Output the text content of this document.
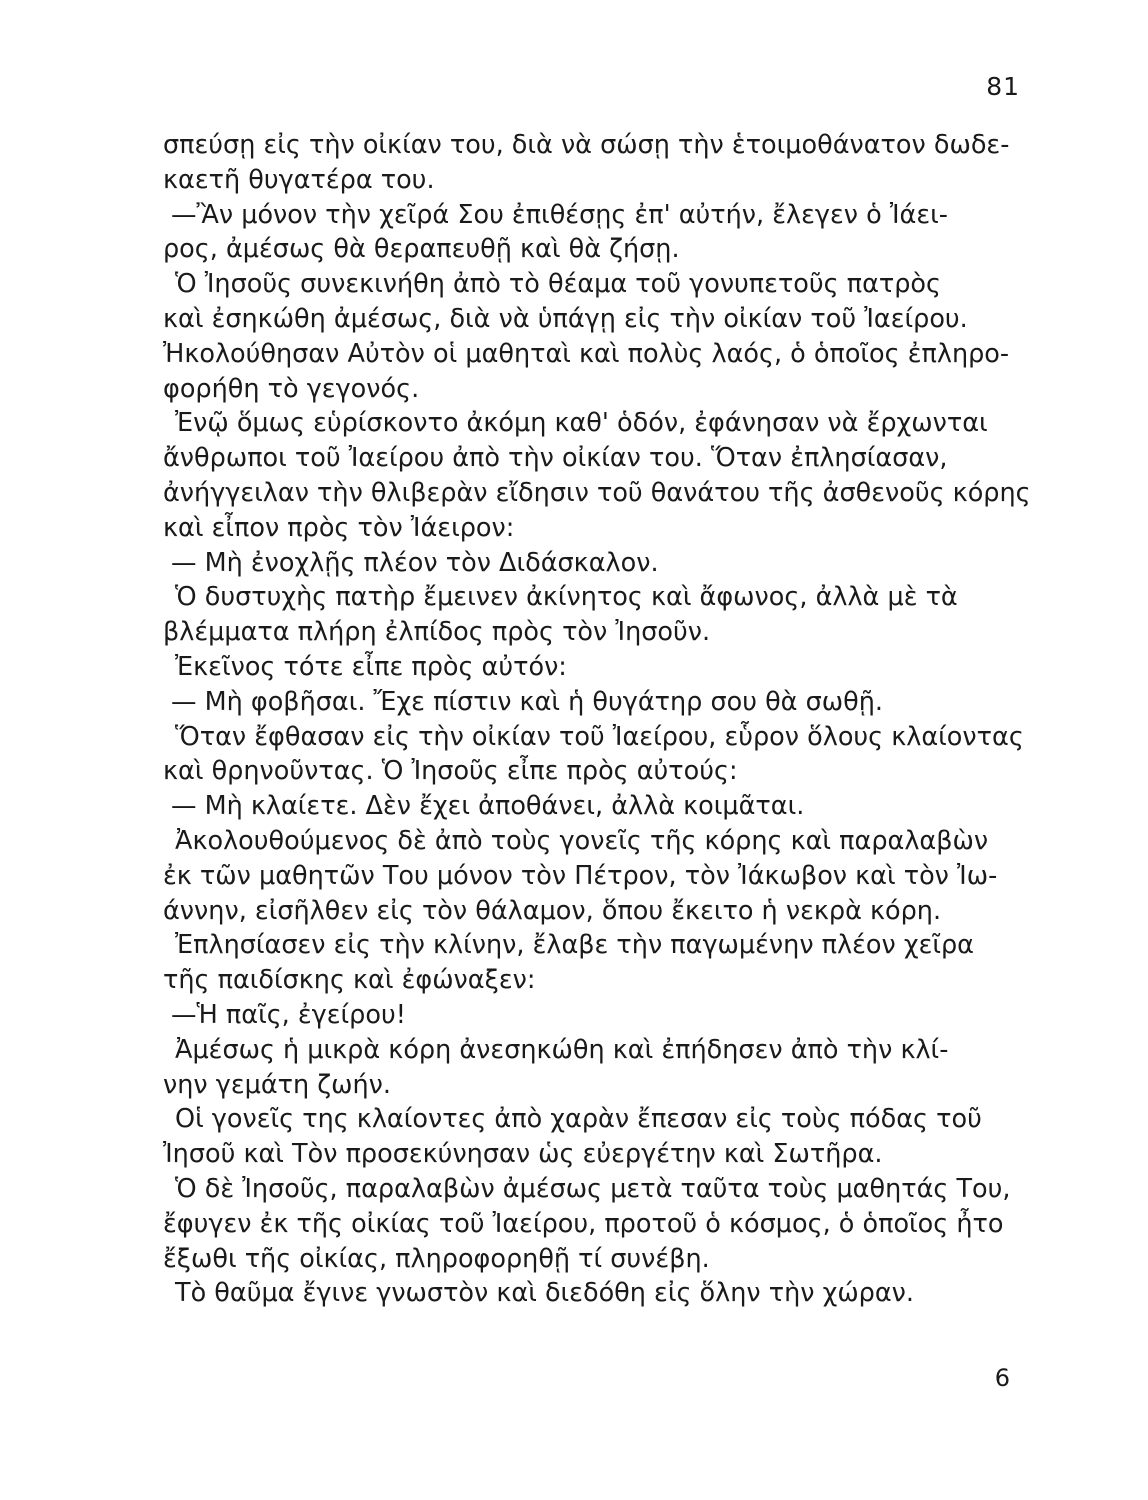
81
σπεύσῃ εἰς τὴν οἰκίαν του, διὰ νὰ σώσῃ τὴν ἑτοιμοθάνατον δωδε-
καετῆ θυγατέρα του.
—Ἂν μόνον τὴν χεῖρά Σου ἐπιθέσῃς ἐπ' αὐτήν, ἔλεγεν ὁ Ἰάει-
ρος, ἀμέσως θὰ θεραπευθῇ καὶ θὰ ζήσῃ.
Ὁ Ἰησοῦς συνεκινήθη ἀπὸ τὸ θέαμα τοῦ γονυπετοῦς πατρὸς
καὶ ἐσηκώθη ἀμέσως, διὰ νὰ ὑπάγῃ εἰς τὴν οἰκίαν τοῦ Ἰαείρου.
Ἠκολούθησαν Αὐτὸν οἱ μαθηταὶ καὶ πολὺς λαός, ὁ ὁποῖος ἐπληρο-
φορήθη τὸ γεγονός.
Ἐνῷ ὅμως εὑρίσκοντο ἀκόμη καθ' ὁδόν, ἐφάνησαν νὰ ἔρχωνται
ἄνθρωποι τοῦ Ἰαείρου ἀπὸ τὴν οἰκίαν του. Ὅταν ἐπλησίασαν,
ἀνήγγειλαν τὴν θλιβερὰν εἴδησιν τοῦ θανάτου τῆς ἀσθενοῦς κόρης
καὶ εἶπον πρὸς τὸν Ἰάειρον:
— Μὴ ἐνοχλῇς πλέον τὸν Διδάσκαλον.
Ὁ δυστυχὴς πατὴρ ἔμεινεν ἀκίνητος καὶ ἄφωνος, ἀλλὰ μὲ τὰ
βλέμματα πλήρη ἐλπίδος πρὸς τὸν Ἰησοῦν.
Ἐκεῖνος τότε εἶπε πρὸς αὐτόν:
— Μὴ φοβῆσαι. Ἔχε πίστιν καὶ ἡ θυγάτηρ σου θὰ σωθῇ.
Ὅταν ἔφθασαν εἰς τὴν οἰκίαν τοῦ Ἰαείρου, εὗρον ὅλους κλαίοντας
καὶ θρηνοῦντας. Ὁ Ἰησοῦς εἶπε πρὸς αὐτούς:
— Μὴ κλαίετε. Δὲν ἔχει ἀποθάνει, ἀλλὰ κοιμᾶται.
Ἀκολουθούμενος δὲ ἀπὸ τοὺς γονεῖς τῆς κόρης καὶ παραλαβὼν
ἐκ τῶν μαθητῶν Του μόνον τὸν Πέτρον, τὸν Ἰάκωβον καὶ τὸν Ἰω-
άννην, εἰσῆλθεν εἰς τὸν θάλαμον, ὅπου ἔκειτο ἡ νεκρὰ κόρη.
Ἐπλησίασεν εἰς τὴν κλίνην, ἔλαβε τὴν παγωμένην πλέον χεῖρα
τῆς παιδίσκης καὶ ἐφώναξεν:
—Ἡ παῖς, ἐγείρου!
Ἀμέσως ἡ μικρὰ κόρη ἀνεσηκώθη καὶ ἐπήδησεν ἀπὸ τὴν κλί-
νην γεμάτη ζωήν.
Οἱ γονεῖς της κλαίοντες ἀπὸ χαρὰν ἔπεσαν εἰς τοὺς πόδας τοῦ
Ἰησοῦ καὶ Τὸν προσεκύνησαν ὡς εὐεργέτην καὶ Σωτῆρα.
Ὁ δὲ Ἰησοῦς, παραλαβὼν ἀμέσως μετὰ ταῦτα τοὺς μαθητάς Του,
ἔφυγεν ἐκ τῆς οἰκίας τοῦ Ἰαείρου, προτοῦ ὁ κόσμος, ὁ ὁποῖος ἦτο
ἔξωθι τῆς οἰκίας, πληροφορηθῇ τί συνέβη.
Τὸ θαῦμα ἔγινε γνωστὸν καὶ διεδόθη εἰς ὅλην τὴν χώραν.
6
